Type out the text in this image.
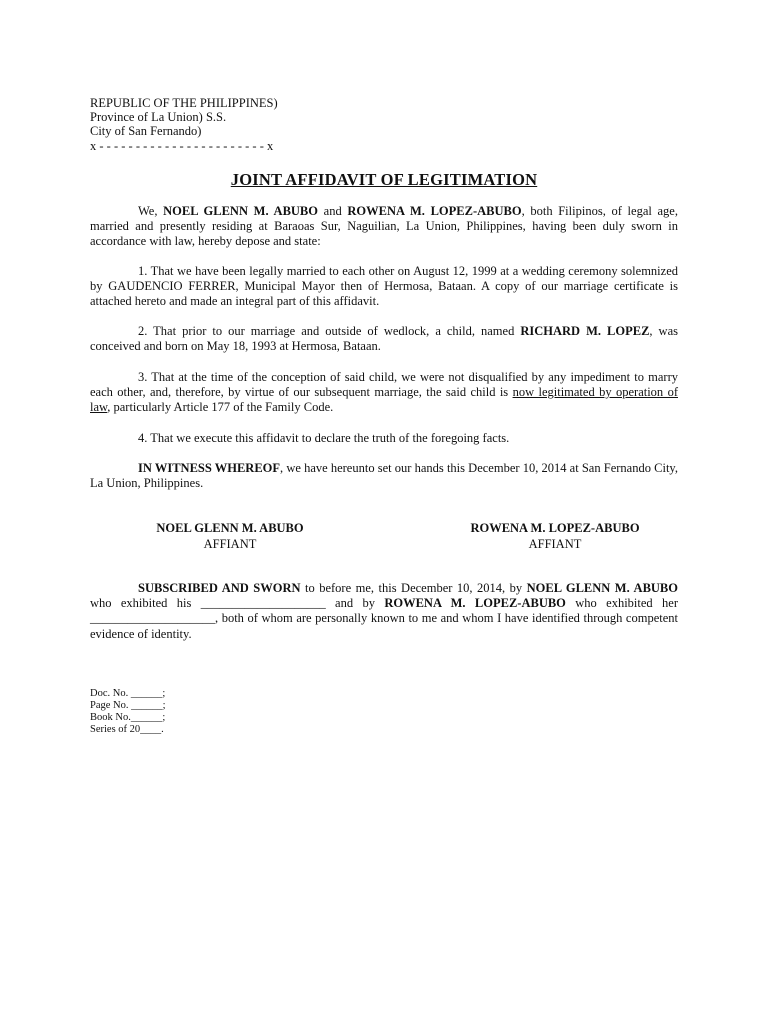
REPUBLIC OF THE PHILIPPINES)
Province of La Union) S.S.
City of San Fernando)
x - - - - - - - - - - - - - - - - - - - - - - - x
JOINT AFFIDAVIT OF LEGITIMATION
We, NOEL GLENN M. ABUBO and ROWENA M. LOPEZ-ABUBO, both Filipinos, of legal age, married and presently residing at Baraoas Sur, Naguilian, La Union, Philippines, having been duly sworn in accordance with law, hereby depose and state:
1. That we have been legally married to each other on August 12, 1999 at a wedding ceremony solemnized by GAUDENCIO FERRER, Municipal Mayor then of Hermosa, Bataan. A copy of our marriage certificate is attached hereto and made an integral part of this affidavit.
2. That prior to our marriage and outside of wedlock, a child, named RICHARD M. LOPEZ, was conceived and born on May 18, 1993 at Hermosa, Bataan.
3. That at the time of the conception of said child, we were not disqualified by any impediment to marry each other, and, therefore, by virtue of our subsequent marriage, the said child is now legitimated by operation of law, particularly Article 177 of the Family Code.
4. That we execute this affidavit to declare the truth of the foregoing facts.
IN WITNESS WHEREOF, we have hereunto set our hands this December 10, 2014 at San Fernando City, La Union, Philippines.
NOEL GLENN M. ABUBO
AFFIANT
ROWENA M. LOPEZ-ABUBO
AFFIANT
SUBSCRIBED AND SWORN to before me, this December 10, 2014, by NOEL GLENN M. ABUBO who exhibited his ____________________ and by ROWENA M. LOPEZ-ABUBO who exhibited her ____________________, both of whom are personally known to me and whom I have identified through competent evidence of identity.
Doc. No. ______;
Page No. ______;
Book No.______;
Series of 20____.
